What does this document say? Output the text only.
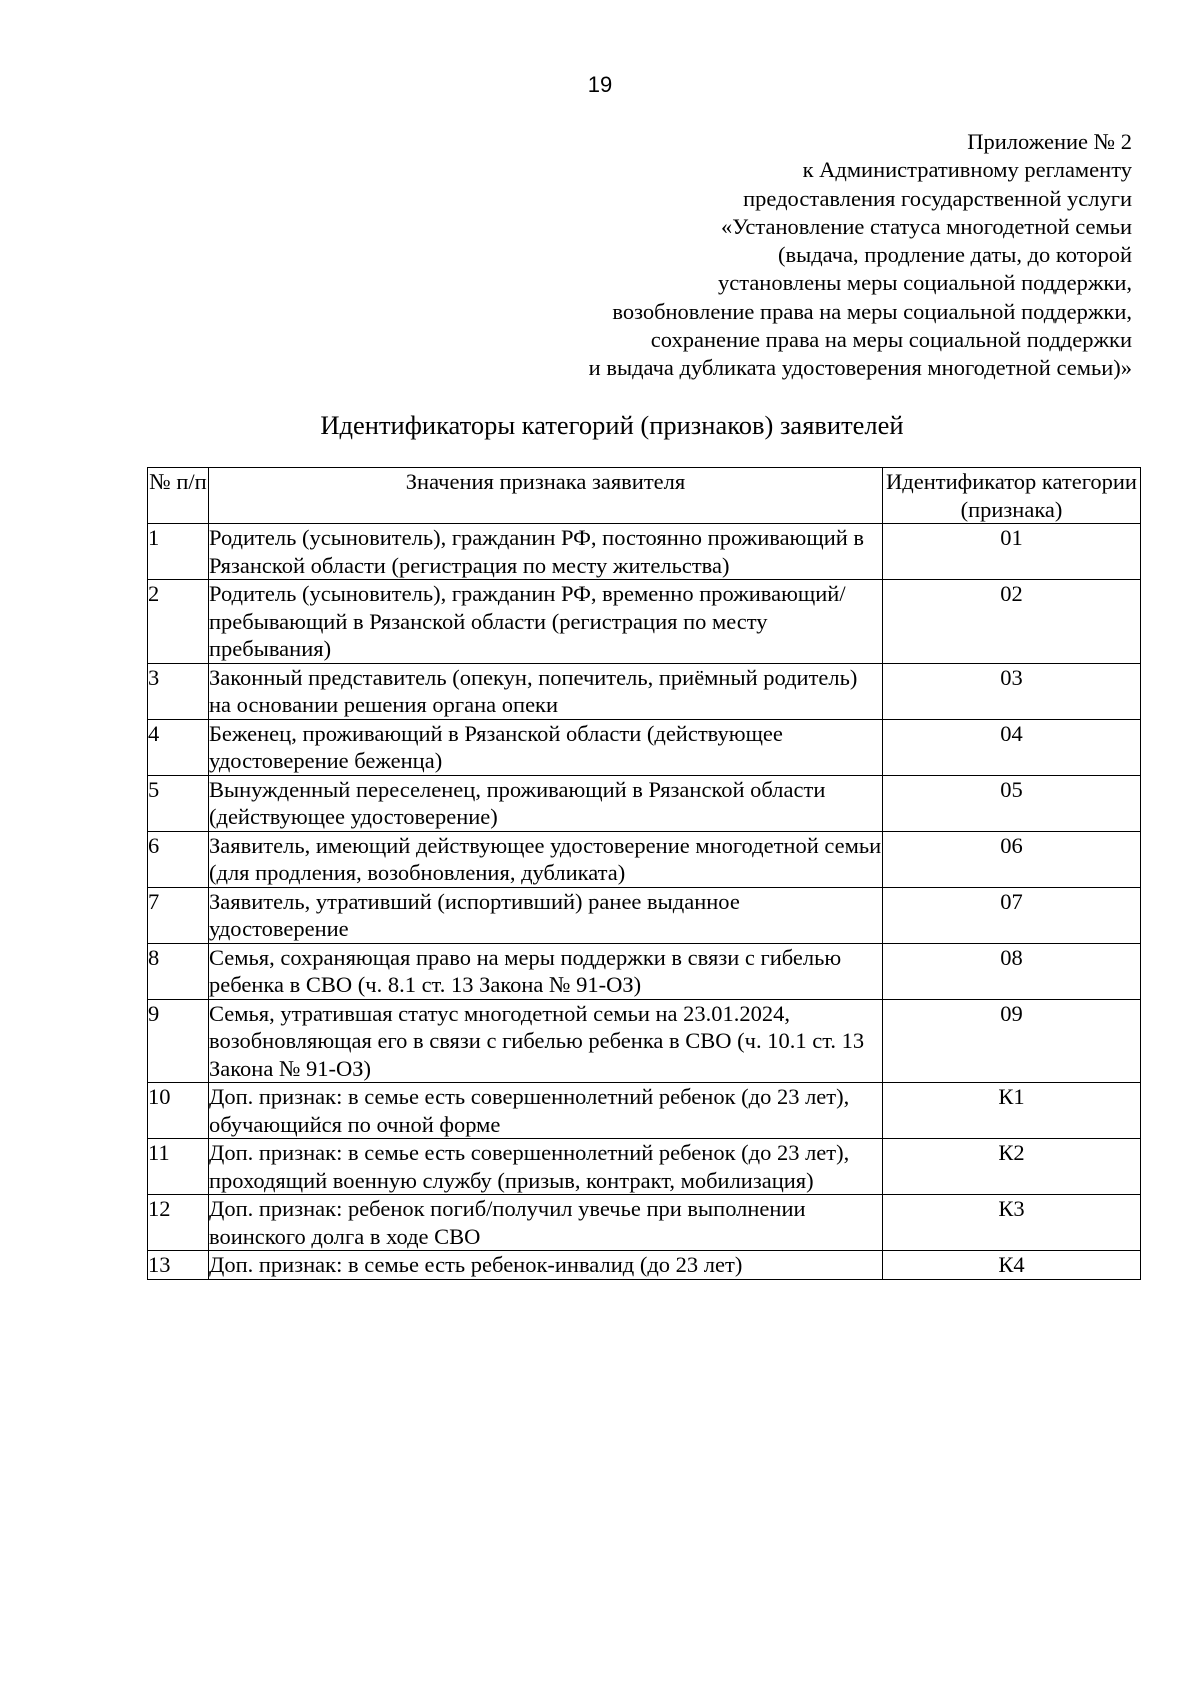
19
Приложение № 2
к Административному регламенту
предоставления государственной услуги
«Установление статуса многодетной семьи
(выдача, продление даты, до которой
установлены меры социальной поддержки,
возобновление права на меры социальной поддержки,
сохранение права на меры социальной поддержки
и выдача дубликата удостоверения многодетной семьи)»
Идентификаторы категорий (признаков) заявителей
№ п/п	Значения признака заявителя	Идентификатор категории (признака)
1	Родитель (усыновитель), гражданин РФ, постоянно проживающий в Рязанской области (регистрация по месту жительства)	01
2	Родитель (усыновитель), гражданин РФ, временно проживающий/пребывающий в Рязанской области (регистрация по месту пребывания)	02
3	Законный представитель (опекун, попечитель, приёмный родитель) на основании решения органа опеки	03
4	Беженец, проживающий в Рязанской области (действующее удостоверение беженца)	04
5	Вынужденный переселенец, проживающий в Рязанской области (действующее удостоверение)	05
6	Заявитель, имеющий действующее удостоверение многодетной семьи (для продления, возобновления, дубликата)	06
7	Заявитель, утративший (испортивший) ранее выданное удостоверение	07
8	Семья, сохраняющая право на меры поддержки в связи с гибелью ребенка в СВО (ч. 8.1 ст. 13 Закона № 91-ОЗ)	08
9	Семья, утратившая статус многодетной семьи на 23.01.2024, возобновляющая его в связи с гибелью ребенка в СВО (ч. 10.1 ст. 13 Закона № 91-ОЗ)	09
10	Доп. признак: в семье есть совершеннолетний ребенок (до 23 лет), обучающийся по очной форме	К1
11	Доп. признак: в семье есть совершеннолетний ребенок (до 23 лет), проходящий военную службу (призыв, контракт, мобилизация)	К2
12	Доп. признак: ребенок погиб/получил увечье при выполнении воинского долга в ходе СВО	К3
13	Доп. признак: в семье есть ребенок-инвалид (до 23 лет)	К4
